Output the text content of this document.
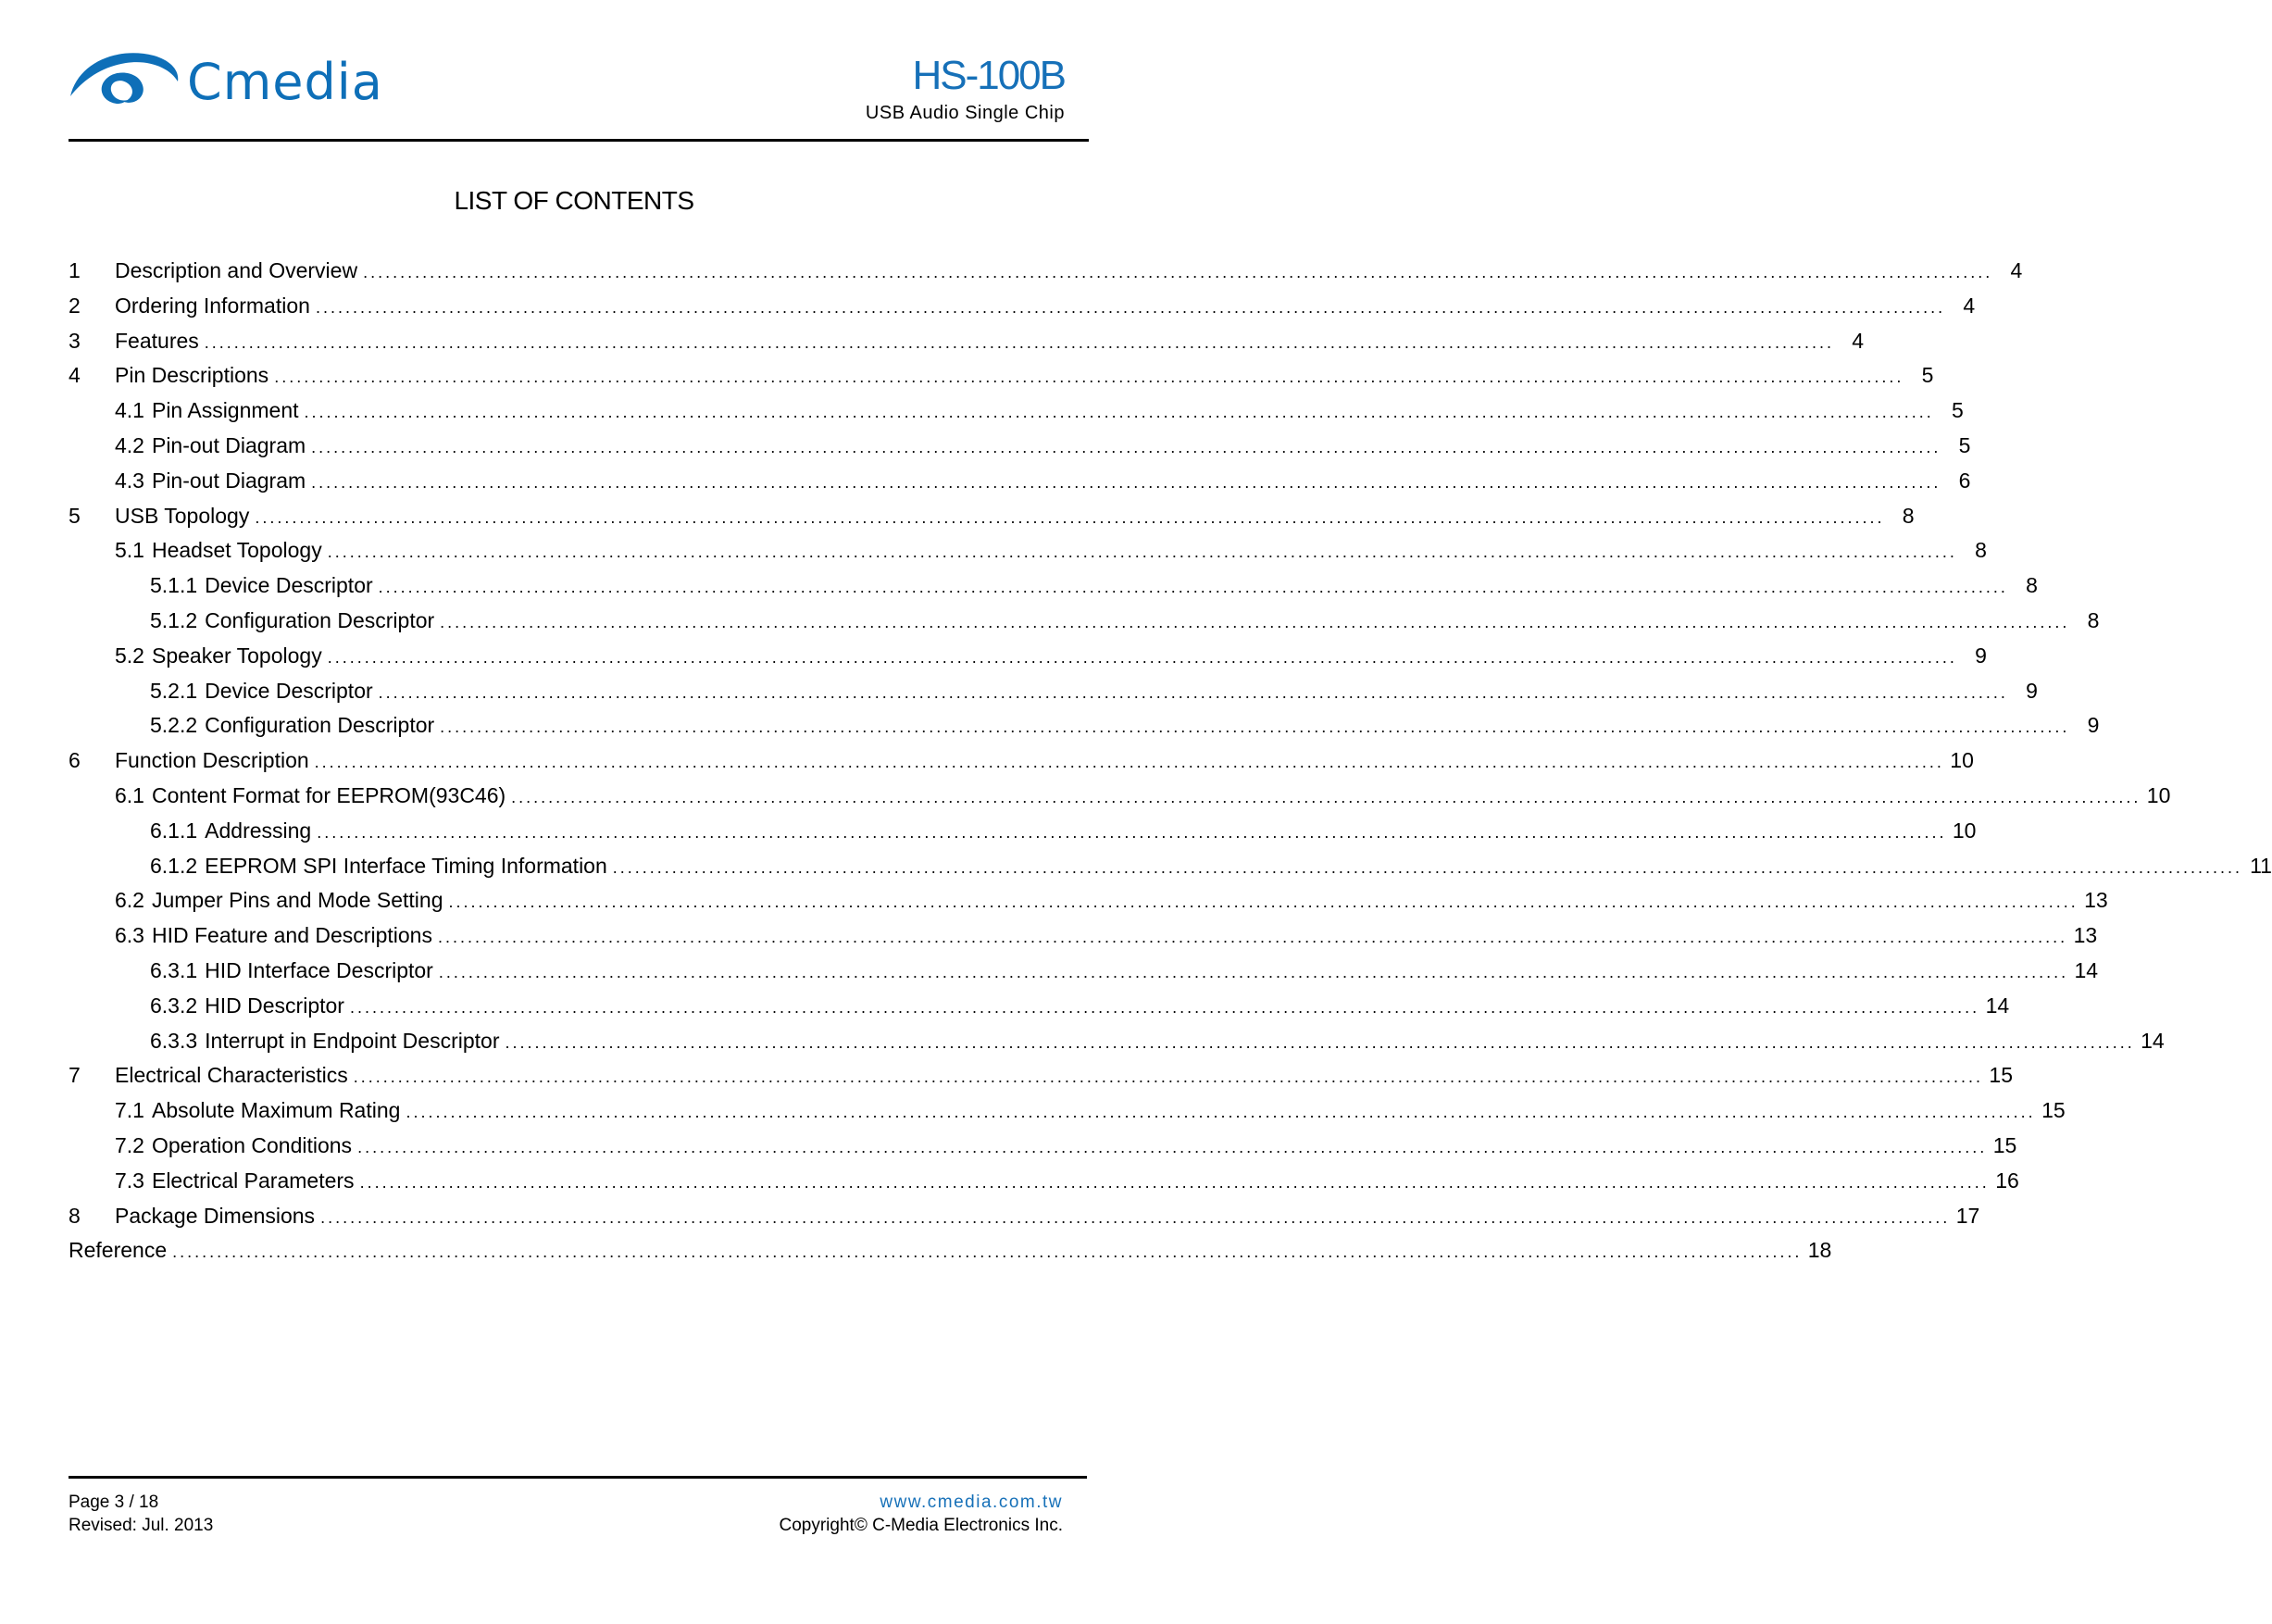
Cmedia	HS-100B
USB Audio Single Chip
LIST OF CONTENTS
1	Description and Overview ............................................................................................................................................................................................................................ 4
2	Ordering Information ............................................................................................................................................................................................................................ 4
3	Features ............................................................................................................................................................................................................................ 4
4	Pin Descriptions ............................................................................................................................................................................................................................ 5
4.1 Pin Assignment ............................................................................................................................................................................................................................ 5
4.2 Pin-out Diagram ............................................................................................................................................................................................................................ 5
4.3 Pin-out Diagram ............................................................................................................................................................................................................................ 6
5	USB Topology ............................................................................................................................................................................................................................ 8
5.1 Headset Topology ............................................................................................................................................................................................................................ 8
5.1.1 Device Descriptor ............................................................................................................................................................................................................................ 8
5.1.2 Configuration Descriptor ............................................................................................................................................................................................................................ 8
5.2 Speaker Topology ............................................................................................................................................................................................................................ 9
5.2.1 Device Descriptor ............................................................................................................................................................................................................................ 9
5.2.2 Configuration Descriptor ............................................................................................................................................................................................................................ 9
6	Function Description ............................................................................................................................................................................................................................ 10
6.1 Content Format for EEPROM(93C46) ............................................................................................................................................................................................................................ 10
6.1.1 Addressing ............................................................................................................................................................................................................................ 10
6.1.2 EEPROM SPI Interface Timing Information ............................................................................................................................................................................................................................ 11
6.2 Jumper Pins and Mode Setting ............................................................................................................................................................................................................................ 13
6.3 HID Feature and Descriptions ............................................................................................................................................................................................................................ 13
6.3.1 HID Interface Descriptor ............................................................................................................................................................................................................................ 14
6.3.2 HID Descriptor ............................................................................................................................................................................................................................ 14
6.3.3 Interrupt in Endpoint Descriptor ............................................................................................................................................................................................................................ 14
7	Electrical Characteristics ............................................................................................................................................................................................................................ 15
7.1 Absolute Maximum Rating ............................................................................................................................................................................................................................ 15
7.2 Operation Conditions ............................................................................................................................................................................................................................ 15
7.3 Electrical Parameters ............................................................................................................................................................................................................................ 16
8	Package Dimensions ............................................................................................................................................................................................................................ 17
Reference ............................................................................................................................................................................................................................ 18
Page 3 / 18
Revised: Jul. 2013
www.cmedia.com.tw
Copyright© C-Media Electronics Inc.
